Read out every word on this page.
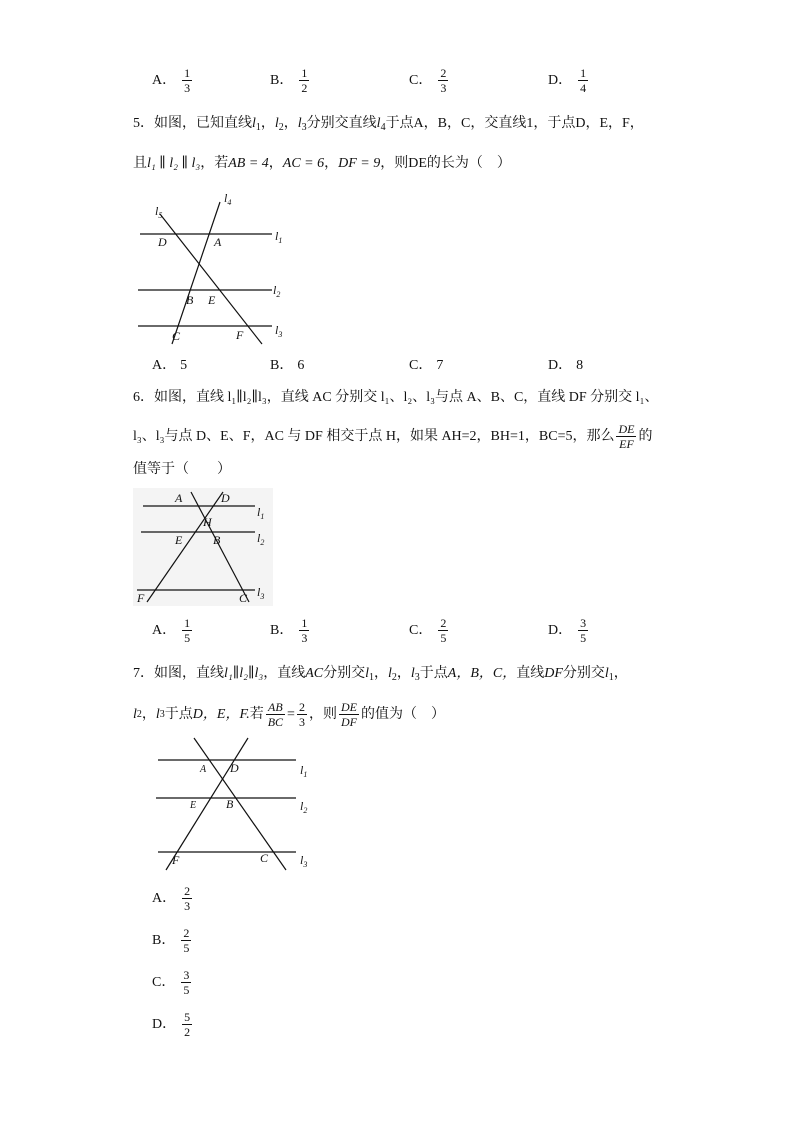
A． $\frac{1}{3}$	B． $\frac{1}{2}$	C． $\frac{2}{3}$	D． $\frac{1}{4}$
5．如图，已知直线$l_1$，$l_2$，$l_3$分别交直线$l_4$于点A，B，C，交直线1，于点D，E，F，
且l₁ ∥ l₂ ∥ l₃，若AB = 4，AC = 6，DF = 9，则DE的长为（　）
$l_5$
$l_4$
$l_1$
$l_2$
$l_3$
D	A
B E
C	F
A． 5	B． 6	C． 7	D． 8
6．如图，直线 l₁∥l₂∥l₃，直线 AC 分别交 l₁、l₂、l₃与点 A、B、C，直线 DF 分别交 l₁、
l₃、l₃与点 D、E、F，AC 与 DF 相交于点 H，如果 AH=2，BH=1，BC=5，那么 $\frac{DE}{EF}$ 的
值等于（　　）
A	D
$l_1$
H
E	B	$l_2$
F	C $l_3$
A． $\frac{1}{5}$	B． $\frac{1}{3}$	C． $\frac{2}{5}$	D． $\frac{3}{5}$
7．如图，直线l₁∥l₂∥l₃，直线AC分别交$l_1$，$l_2$，$l_3$于点A，B，C，直线DF分别交$l_1$，
l 2 ， l 3 于点 D，E，F. 若 $\frac{AB}{BC} = \frac{2}{3}$ ，则 $\frac{DE}{DF}$ 的值为（　）
A D	$l_1$
E B	$l_2$
F	C	$l_3$
A． $\frac{2}{3}$
B． $\frac{2}{5}$
C． $\frac{3}{5}$
D． $\frac{5}{2}$
